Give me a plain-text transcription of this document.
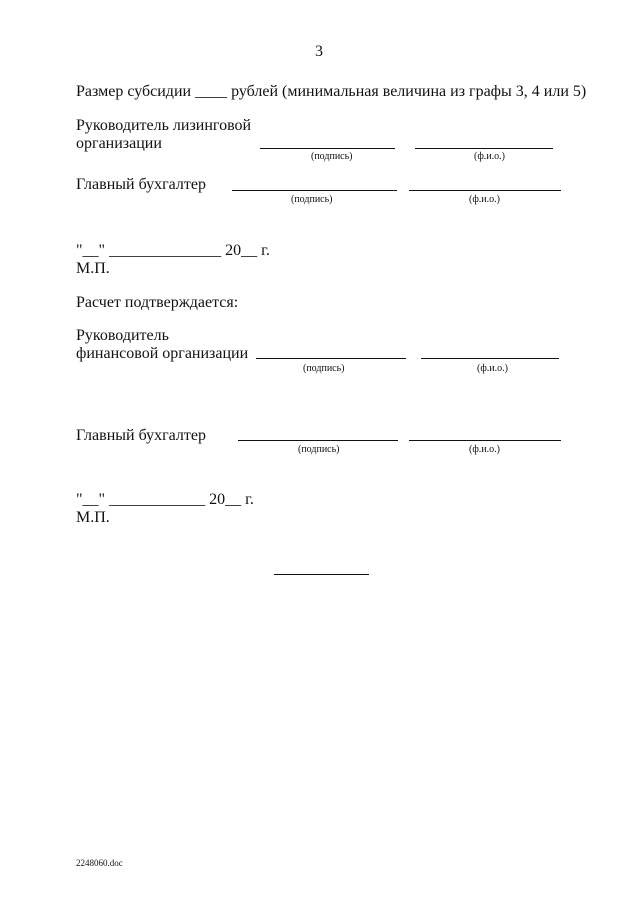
3
Размер субсидии ____ рублей (минимальная величина из графы 3, 4 или 5)
Руководитель лизинговой
организации
(подпись)	(ф.и.о.)
Главный бухгалтер
(подпись)	(ф.и.о.)
"__" ______________ 20__ г.
М.П.
Расчет подтверждается:
Руководитель
финансовой организации
(подпись)	(ф.и.о.)
Главный бухгалтер
(подпись)	(ф.и.о.)
"__" ____________ 20__ г.
М.П.
2248060.doc
